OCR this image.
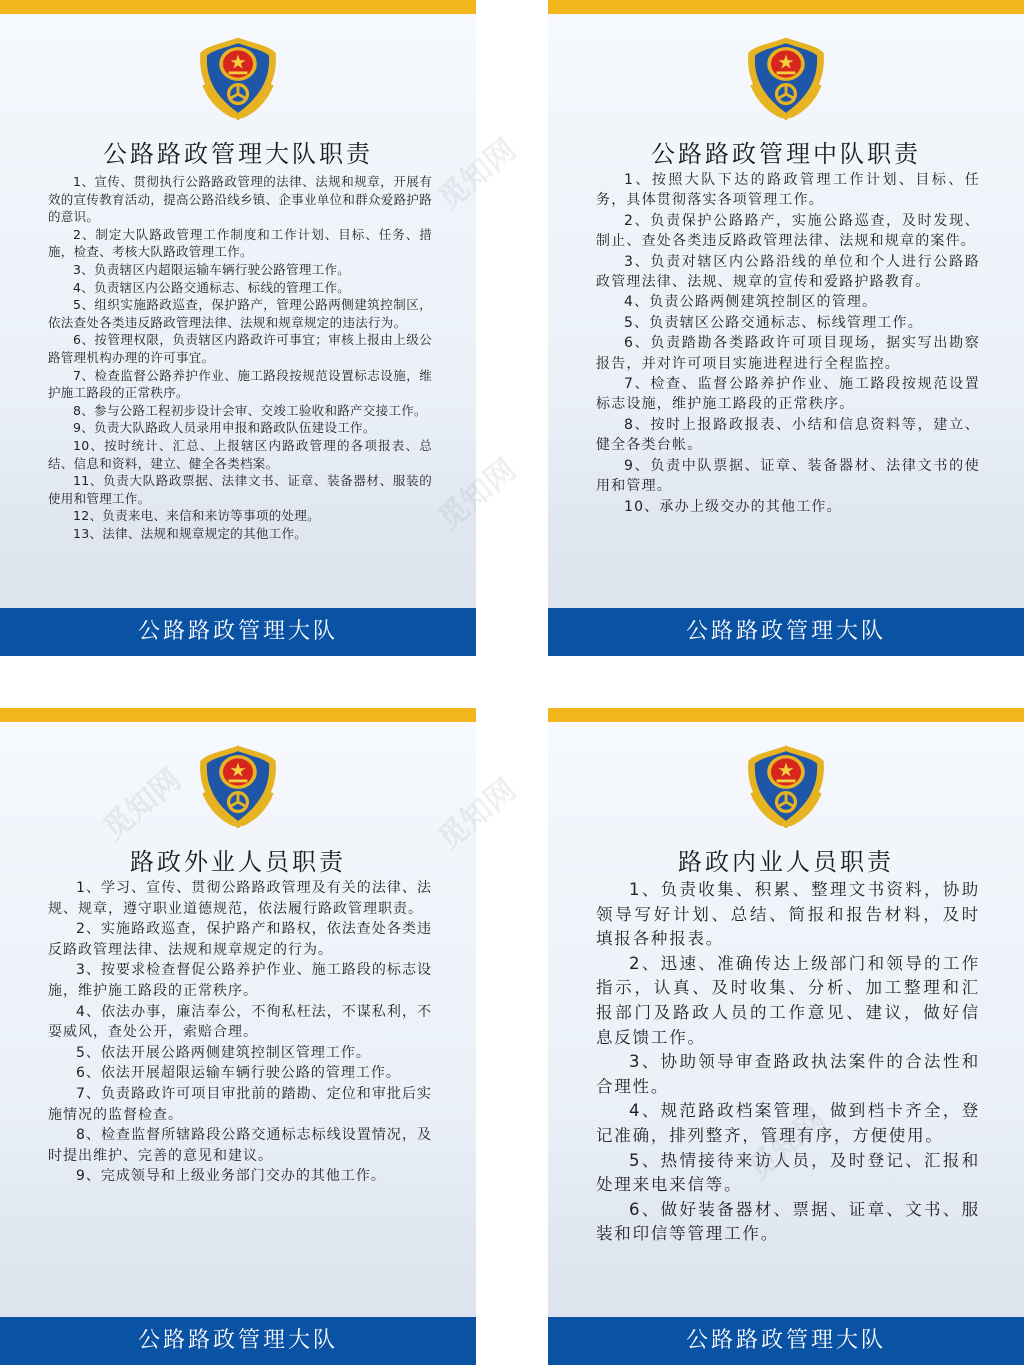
公路路政管理大队职责

1、宣传、贯彻执行公路路政管理的法律、法规和规章，开展有效的宣传教育活动，提高公路沿线乡镇、企事业单位和群众爱路护路的意识。

2、制定大队路政管理工作制度和工作计划、目标、任务、措施，检查、考核大队路政管理工作。

3、负责辖区内超限运输车辆行驶公路管理工作。

4、负责辖区内公路交通标志、标线的管理工作。

5、组织实施路政巡查，保护路产，管理公路两侧建筑控制区，依法查处各类违反路政管理法律、法规和规章规定的违法行为。

6、按管理权限，负责辖区内路政许可事宜；审核上报由上级公路管理机构办理的许可事宜。

7、检查监督公路养护作业、施工路段按规范设置标志设施，维护施工路段的正常秩序。

8、参与公路工程初步设计会审、交竣工验收和路产交接工作。

9、负责大队路政人员录用申报和路政队伍建设工作。

10、按时统计、汇总、上报辖区内路政管理的各项报表、总结、信息和资料，建立、健全各类档案。

11、负责大队路政票据、法律文书、证章、装备器材、服装的使用和管理工作。

12、负责来电、来信和来访等事项的处理。

13、法律、法规和规章规定的其他工作。

公路路政管理大队
公路路政管理中队职责

1、按照大队下达的路政管理工作计划、目标、任务，具体贯彻落实各项管理工作。

2、负责保护公路路产，实施公路巡查，及时发现、制止、查处各类违反路政管理法律、法规和规章的案件。

3、负责对辖区内公路沿线的单位和个人进行公路路政管理法律、法规、规章的宣传和爱路护路教育。

4、负责公路两侧建筑控制区的管理。

5、负责辖区公路交通标志、标线管理工作。

6、负责踏勘各类路政许可项目现场，据实写出勘察报告，并对许可项目实施进程进行全程监控。

7、检查、监督公路养护作业、施工路段按规范设置标志设施，维护施工路段的正常秩序。

8、按时上报路政报表、小结和信息资料等，建立、健全各类台帐。

9、负责中队票据、证章、装备器材、法律文书的使用和管理。

10、承办上级交办的其他工作。

公路路政管理大队
路政外业人员职责

1、学习、宣传、贯彻公路路政管理及有关的法律、法规、规章，遵守职业道德规范，依法履行路政管理职责。

2、实施路政巡查，保护路产和路权，依法查处各类违反路政管理法律、法规和规章规定的行为。

3、按要求检查督促公路养护作业、施工路段的标志设施，维护施工路段的正常秩序。

4、依法办事，廉洁奉公，不徇私枉法，不谋私利，不耍威风，查处公开，索赔合理。

5、依法开展公路两侧建筑控制区管理工作。

6、依法开展超限运输车辆行驶公路的管理工作。

7、负责路政许可项目审批前的踏勘、定位和审批后实施情况的监督检查。

8、检查监督所辖路段公路交通标志标线设置情况，及时提出维护、完善的意见和建议。

9、完成领导和上级业务部门交办的其他工作。

公路路政管理大队
路政内业人员职责

1、负责收集、积累、整理文书资料，协助领导写好计划、总结、简报和报告材料，及时填报各种报表。

2、迅速、准确传达上级部门和领导的工作指示，认真、及时收集、分析、加工整理和汇报部门及路政人员的工作意见、建议，做好信息反馈工作。

3、协助领导审查路政执法案件的合法性和合理性。

4、规范路政档案管理，做到档卡齐全，登记准确，排列整齐，管理有序，方便使用。

5、热情接待来访人员，及时登记、汇报和处理来电来信等。

6、做好装备器材、票据、证章、文书、服装和印信等管理工作。

公路路政管理大队
觅知网
觅知网
觅知网
